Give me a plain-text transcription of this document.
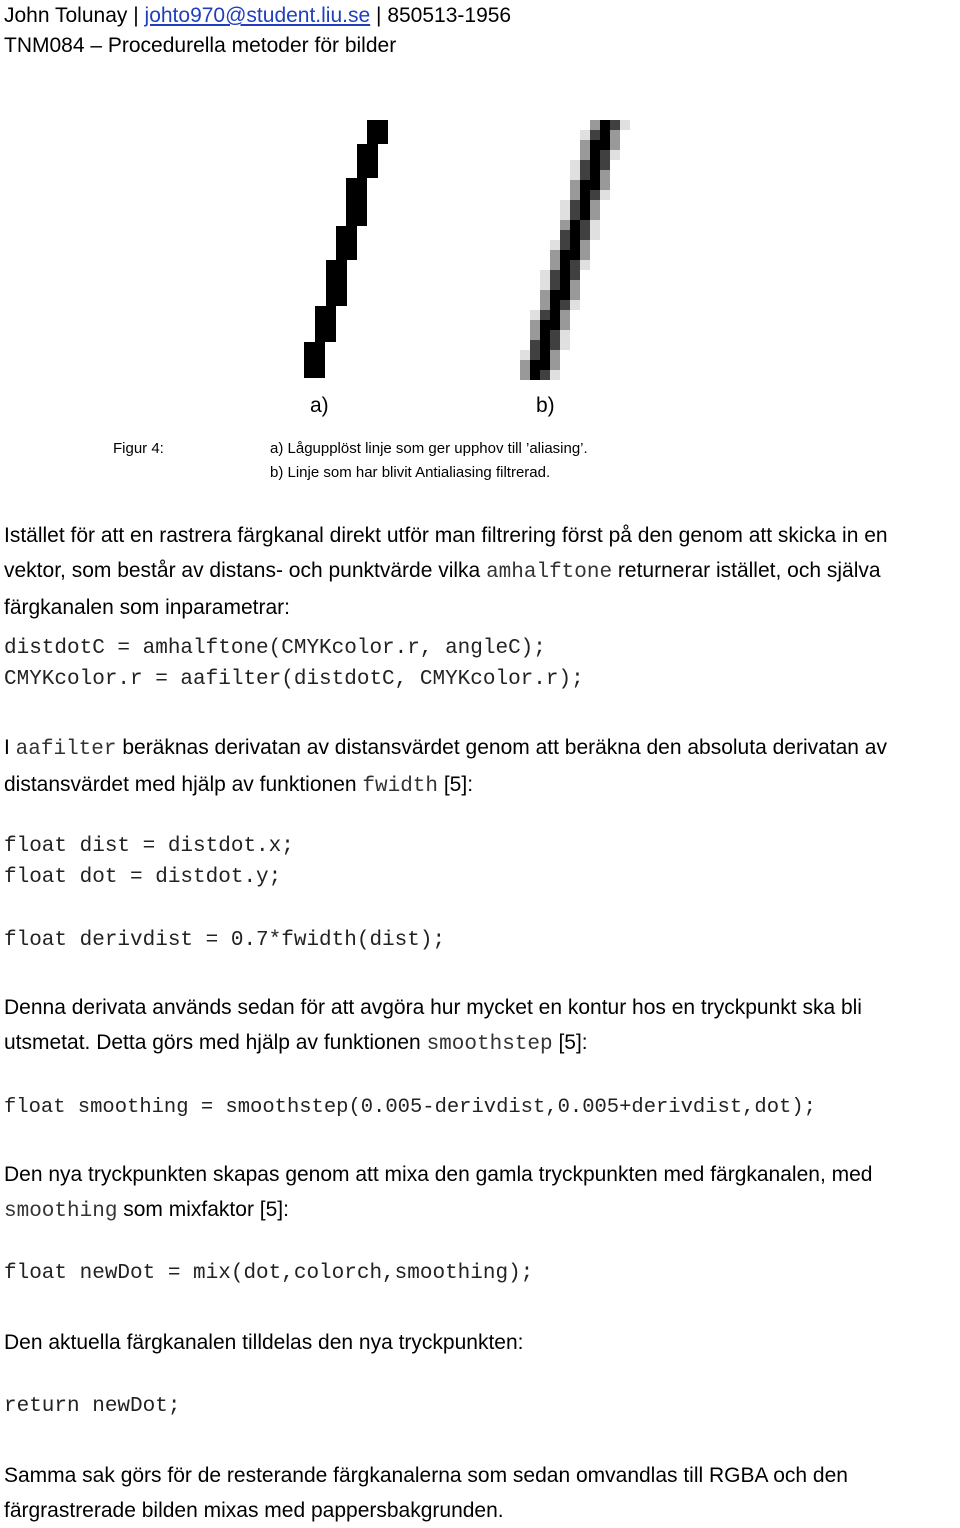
John Tolunay | johto970@student.liu.se | 850513-1956
TNM084 – Procedurella metoder för bilder
a)	b)
Figur 4:	a) Lågupplöst linje som ger upphov till ’aliasing’.
b) Linje som har blivit Antialiasing filtrerad.
Istället för att en rastrera färgkanal direkt utför man filtrering först på den genom att skicka in en vektor, som består av distans- och punktvärde vilka amhalftone returnerar istället, och själva färgkanalen som inparametrar:
distdotC = amhalftone(CMYKcolor.r, angleC);
CMYKcolor.r = aafilter(distdotC, CMYKcolor.r);
I aafilter beräknas derivatan av distansvärdet genom att beräkna den absoluta derivatan av distansvärdet med hjälp av funktionen fwidth [5]:
float dist = distdot.x;
float dot = distdot.y;
float derivdist = 0.7*fwidth(dist);
Denna derivata används sedan för att avgöra hur mycket en kontur hos en tryckpunkt ska bli utsmetat. Detta görs med hjälp av funktionen smoothstep [5]:
float smoothing = smoothstep(0.005-derivdist,0.005+derivdist,dot);
Den nya tryckpunkten skapas genom att mixa den gamla tryckpunkten med färgkanalen, med smoothing som mixfaktor [5]:
float newDot = mix(dot,colorch,smoothing);
Den aktuella färgkanalen tilldelas den nya tryckpunkten:
return newDot;
Samma sak görs för de resterande färgkanalerna som sedan omvandlas till RGBA och den färgrastrerade bilden mixas med pappersbakgrunden.
